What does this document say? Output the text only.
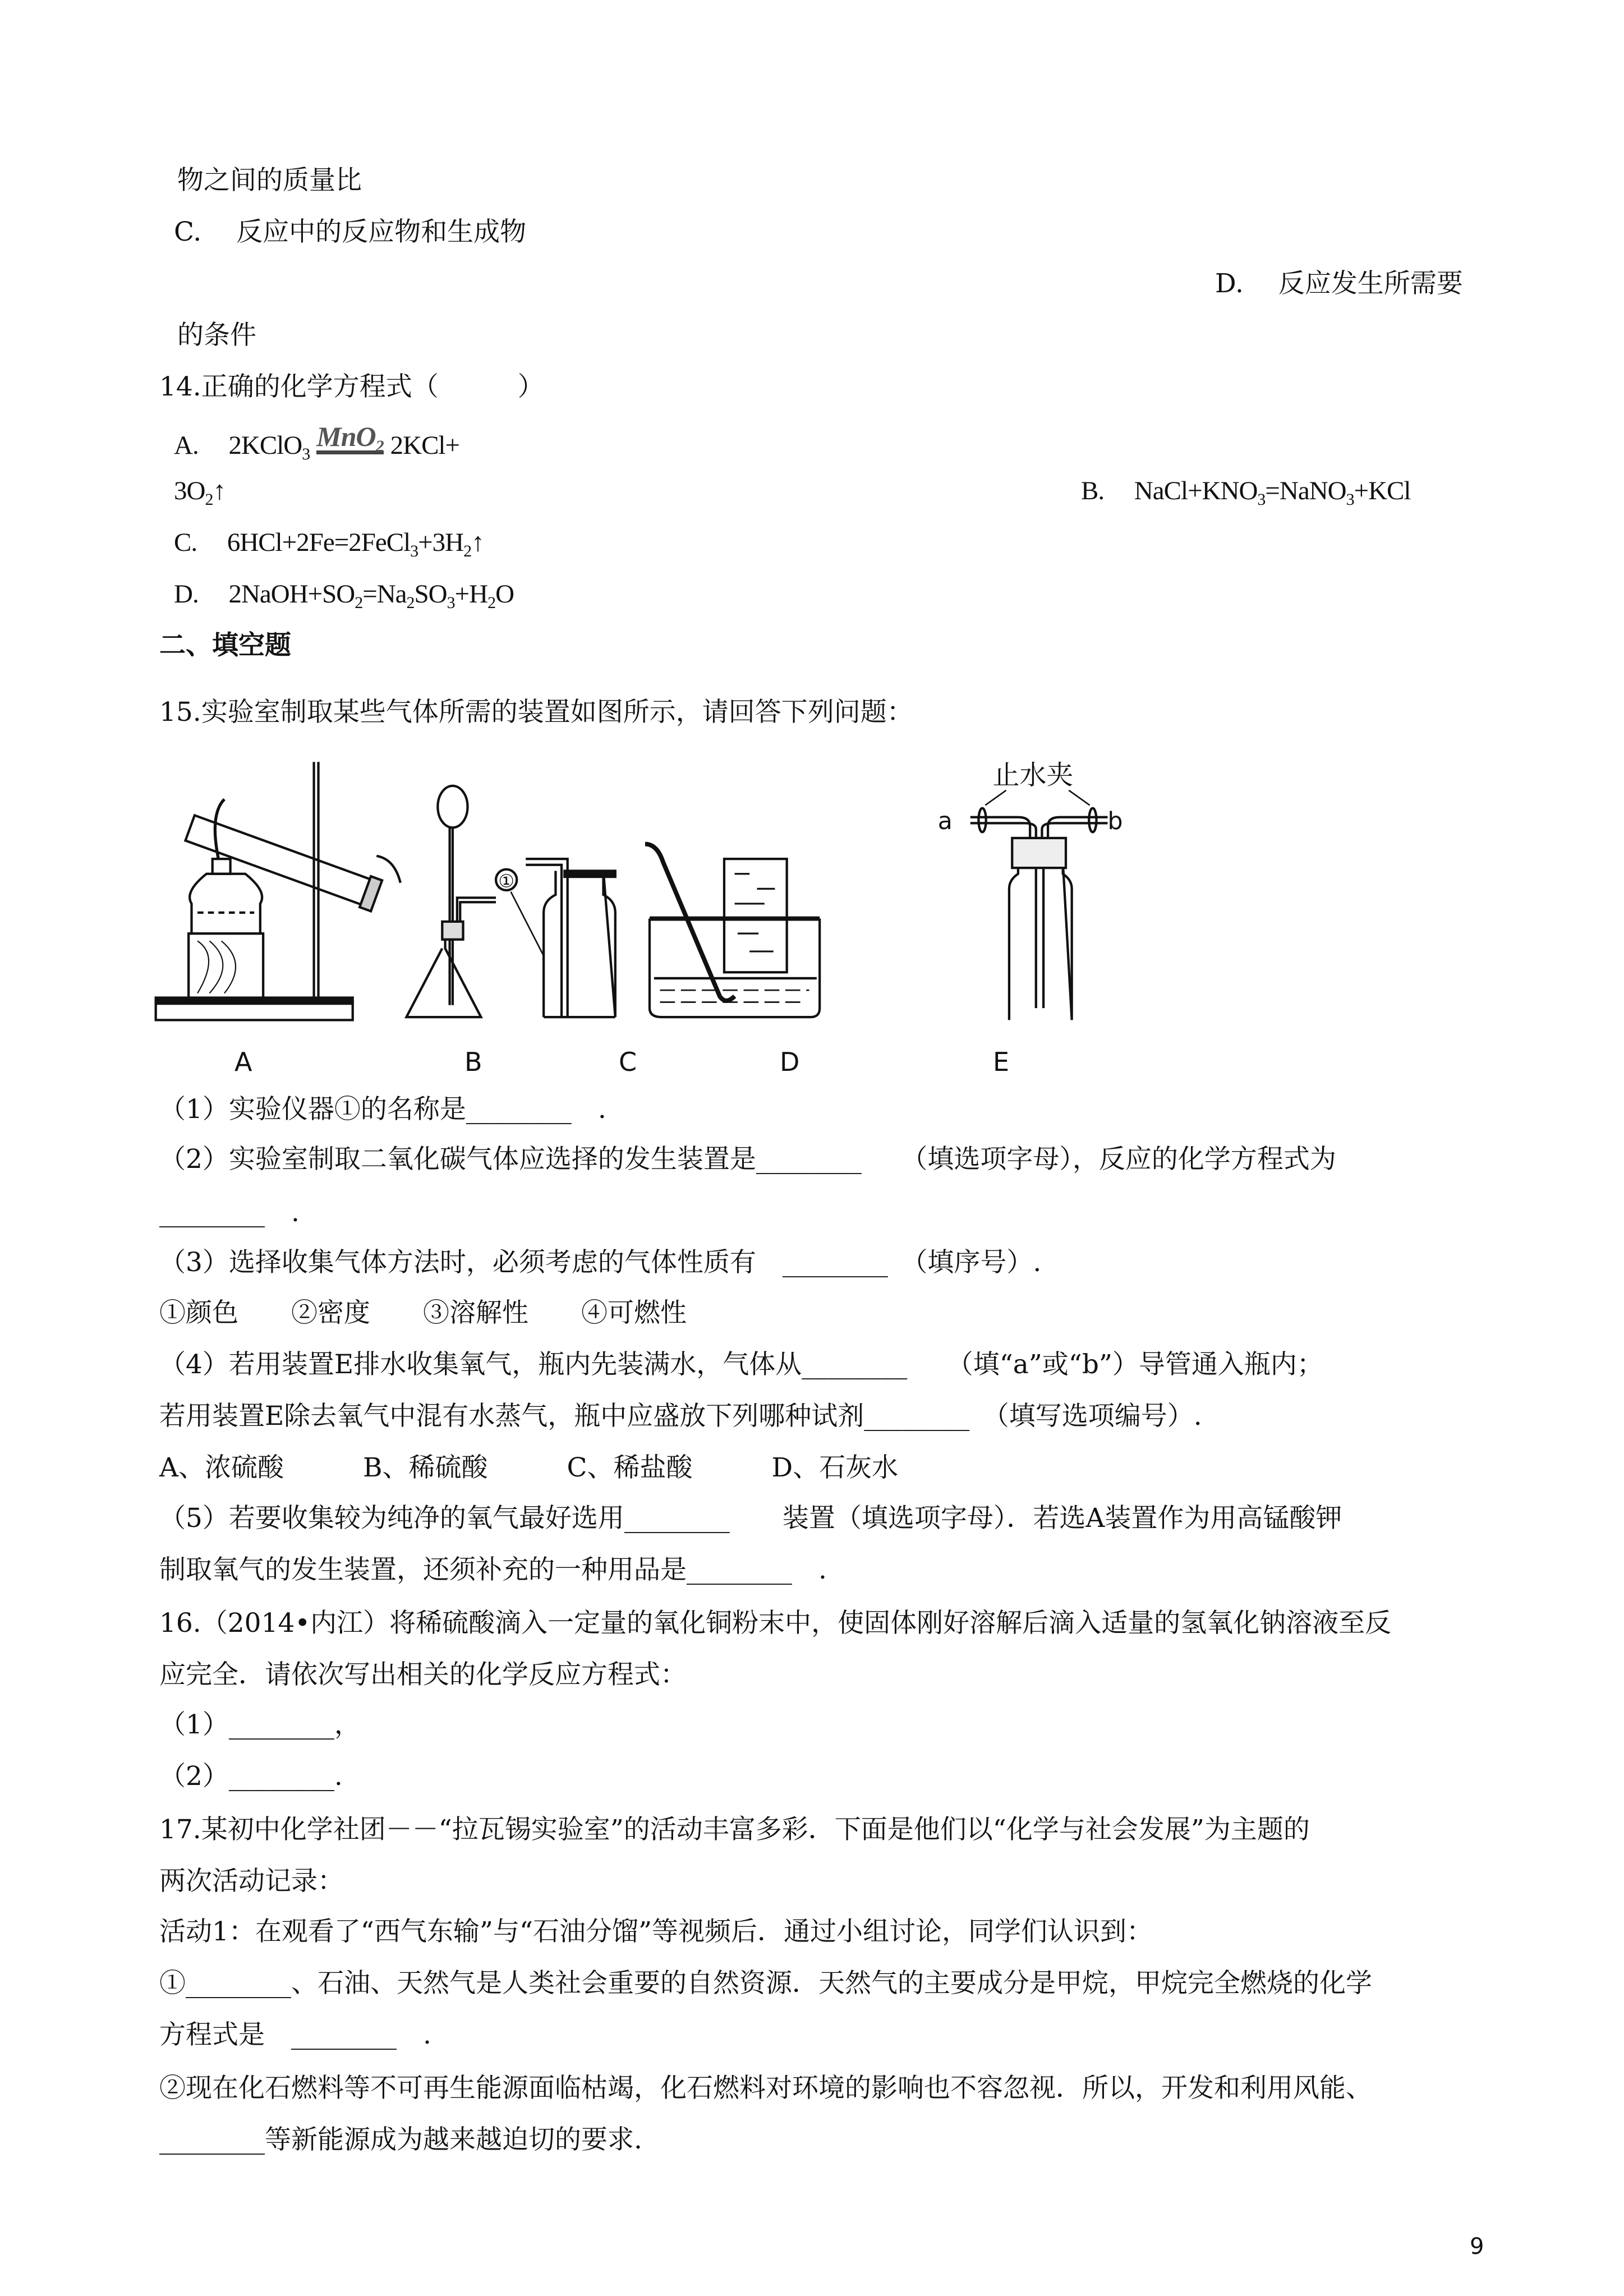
物之间的质量比
C.　 反应中的反应物和生成物
D.　 反应发生所需要
的条件
14.正确的化学方程式（　　　）
A. 2KClO$_3$MnO$_2$ 2KCl+
$3O_2↑$	B. $NaCl+KNO_3=NaNO_3+KCl$
C. $6HCl+2Fe=2FeCl_3+3H_2↑$
D. $2NaOH+SO_2=Na_2SO_3+H_2O$
二、填空题
15.实验室制取某些气体所需的装置如图所示，请回答下列问题：
止水夹
a	b
①
A	B	C	D	E
（1）实验仪器①的名称是________　.
（2）实验室制取二氧化碳气体应选择的发生装置是________　　（填选项字母），反应的化学方程式为
________　.
（3）选择收集气体方法时，必须考虑的气体性质有　________　（填序号）.
①颜色　　②密度　　③溶解性　　④可燃性
（4）若用装置E排水收集氧气，瓶内先装满水，气体从________　　（填“a”或“b”）导管通入瓶内；
若用装置E除去氧气中混有水蒸气，瓶中应盛放下列哪种试剂________　（填写选项编号）.
A、浓硫酸　　　B、稀硫酸　　　C、稀盐酸　　　D、石灰水
（5）若要收集较为纯净的氧气最好选用________　　装置（填选项字母）．若选A装置作为用高锰酸钾
制取氧气的发生装置，还须补充的一种用品是________　.
16.（2014•内江）将稀硫酸滴入一定量的氧化铜粉末中，使固体刚好溶解后滴入适量的氢氧化钠溶液至反
应完全．请依次写出相关的化学反应方程式：
（1）________，
（2）________.
17.某初中化学社团－－“拉瓦锡实验室”的活动丰富多彩．下面是他们以“化学与社会发展”为主题的
两次活动记录：
活动1：在观看了“西气东输”与“石油分馏”等视频后．通过小组讨论，同学们认识到：
①________、石油、天然气是人类社会重要的自然资源．天然气的主要成分是甲烷，甲烷完全燃烧的化学
方程式是　________　.
②现在化石燃料等不可再生能源面临枯竭，化石燃料对环境的影响也不容忽视．所以，开发和利用风能、
________等新能源成为越来越迫切的要求.
9
